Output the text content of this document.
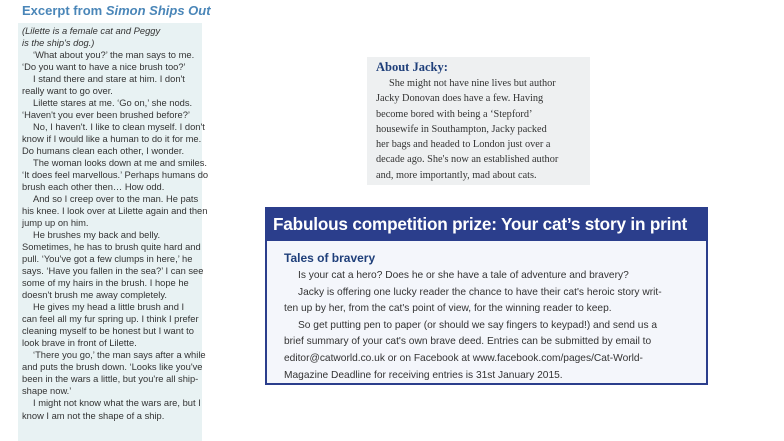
Excerpt from Simon Ships Out
(Lilette is a female cat and Peggy
is the ship's dog.)
‘What about you?’ the man says to me.
‘Do you want to have a nice brush too?’
I stand there and stare at him. I don't
really want to go over.
Lilette stares at me. ‘Go on,’ she nods.
‘Haven't you ever been brushed before?’
No, I haven't. I like to clean myself. I don't
know if I would like a human to do it for me.
Do humans clean each other, I wonder.
The woman looks down at me and smiles.
‘It does feel marvellous.’ Perhaps humans do
brush each other then… How odd.
And so I creep over to the man. He pats
his knee. I look over at Lilette again and then
jump up on him.
He brushes my back and belly.
Sometimes, he has to brush quite hard and
pull. ‘You've got a few clumps in here,’ he
says. ‘Have you fallen in the sea?’ I can see
some of my hairs in the brush. I hope he
doesn't brush me away completely.
He gives my head a little brush and I
can feel all my fur spring up. I think I prefer
cleaning myself to be honest but I want to
look brave in front of Lilette.
‘There you go,’ the man says after a while
and puts the brush down. ‘Looks like you've
been in the wars a little, but you're all ship-
shape now.’
I might not know what the wars are, but I
know I am not the shape of a ship.
About Jacky:
She might not have nine lives but author
Jacky Donovan does have a few. Having
become bored with being a ‘Stepford’
housewife in Southampton, Jacky packed
her bags and headed to London just over a
decade ago. She's now an established author
and, more importantly, mad about cats.
Fabulous competition prize: Your cat’s story in print
Tales of bravery
Is your cat a hero? Does he or she have a tale of adventure and bravery?
Jacky is offering one lucky reader the chance to have their cat's heroic story writ-
ten up by her, from the cat's point of view, for the winning reader to keep.
So get putting pen to paper (or should we say fingers to keypad!) and send us a
brief summary of your cat's own brave deed. Entries can be submitted by email to
editor@catworld.co.uk or on Facebook at www.facebook.com/pages/Cat-World-
Magazine Deadline for receiving entries is 31st January 2015.
